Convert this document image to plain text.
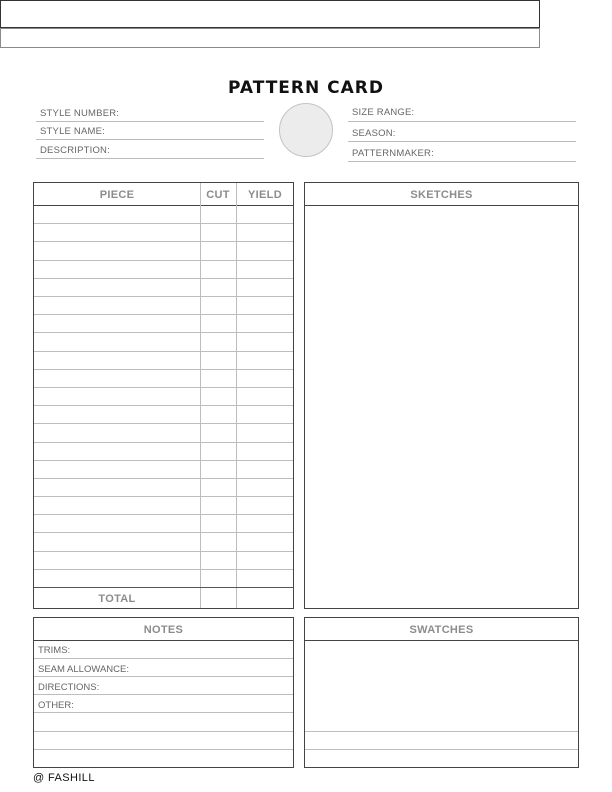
PATTERN CARD
STYLE NUMBER:
STYLE NAME:
DESCRIPTION:
SIZE RANGE:
SEASON:
PATTERNMAKER:
PIECE	CUT	YIELD
TOTAL
SKETCHES
NOTES
TRIMS:
SEAM ALLOWANCE:
DIRECTIONS:
OTHER:
SWATCHES
@ FASHILL
